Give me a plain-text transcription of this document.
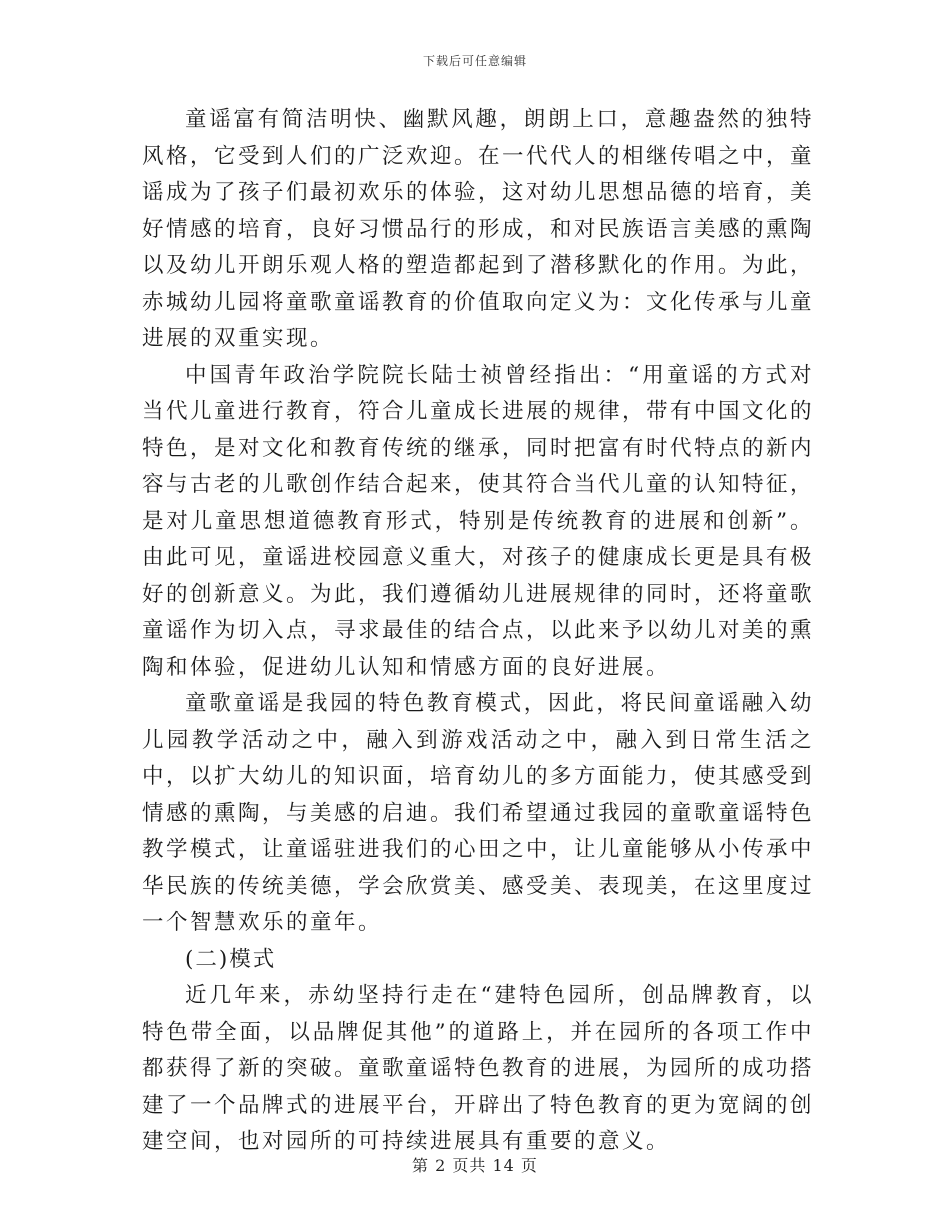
下载后可任意编辑

童谣富有简洁明快、幽默风趣，朗朗上口，意趣盎然的独特风格，它受到人们的广泛欢迎。在一代代人的相继传唱之中，童谣成为了孩子们最初欢乐的体验，这对幼儿思想品德的培育，美好情感的培育，良好习惯品行的形成，和对民族语言美感的熏陶以及幼儿开朗乐观人格的塑造都起到了潜移默化的作用。为此，赤城幼儿园将童歌童谣教育的价值取向定义为：文化传承与儿童进展的双重实现。

中国青年政治学院院长陆士祯曾经指出：“用童谣的方式对当代儿童进行教育，符合儿童成长进展的规律，带有中国文化的特色，是对文化和教育传统的继承，同时把富有时代特点的新内容与古老的儿歌创作结合起来，使其符合当代儿童的认知特征，是对儿童思想道德教育形式，特别是传统教育的进展和创新”。由此可见，童谣进校园意义重大，对孩子的健康成长更是具有极好的创新意义。为此，我们遵循幼儿进展规律的同时，还将童歌童谣作为切入点，寻求最佳的结合点，以此来予以幼儿对美的熏陶和体验，促进幼儿认知和情感方面的良好进展。

童歌童谣是我园的特色教育模式，因此，将民间童谣融入幼儿园教学活动之中，融入到游戏活动之中，融入到日常生活之中，以扩大幼儿的知识面，培育幼儿的多方面能力，使其感受到情感的熏陶，与美感的启迪。我们希望通过我园的童歌童谣特色教学模式，让童谣驻进我们的心田之中，让儿童能够从小传承中华民族的传统美德，学会欣赏美、感受美、表现美，在这里度过一个智慧欢乐的童年。

(二)模式

近几年来，赤幼坚持行走在“建特色园所，创品牌教育，以特色带全面，以品牌促其他”的道路上，并在园所的各项工作中都获得了新的突破。童歌童谣特色教育的进展，为园所的成功搭建了一个品牌式的进展平台，开辟出了特色教育的更为宽阔的创建空间，也对园所的可持续进展具有重要的意义。

第 2 页共 14 页
